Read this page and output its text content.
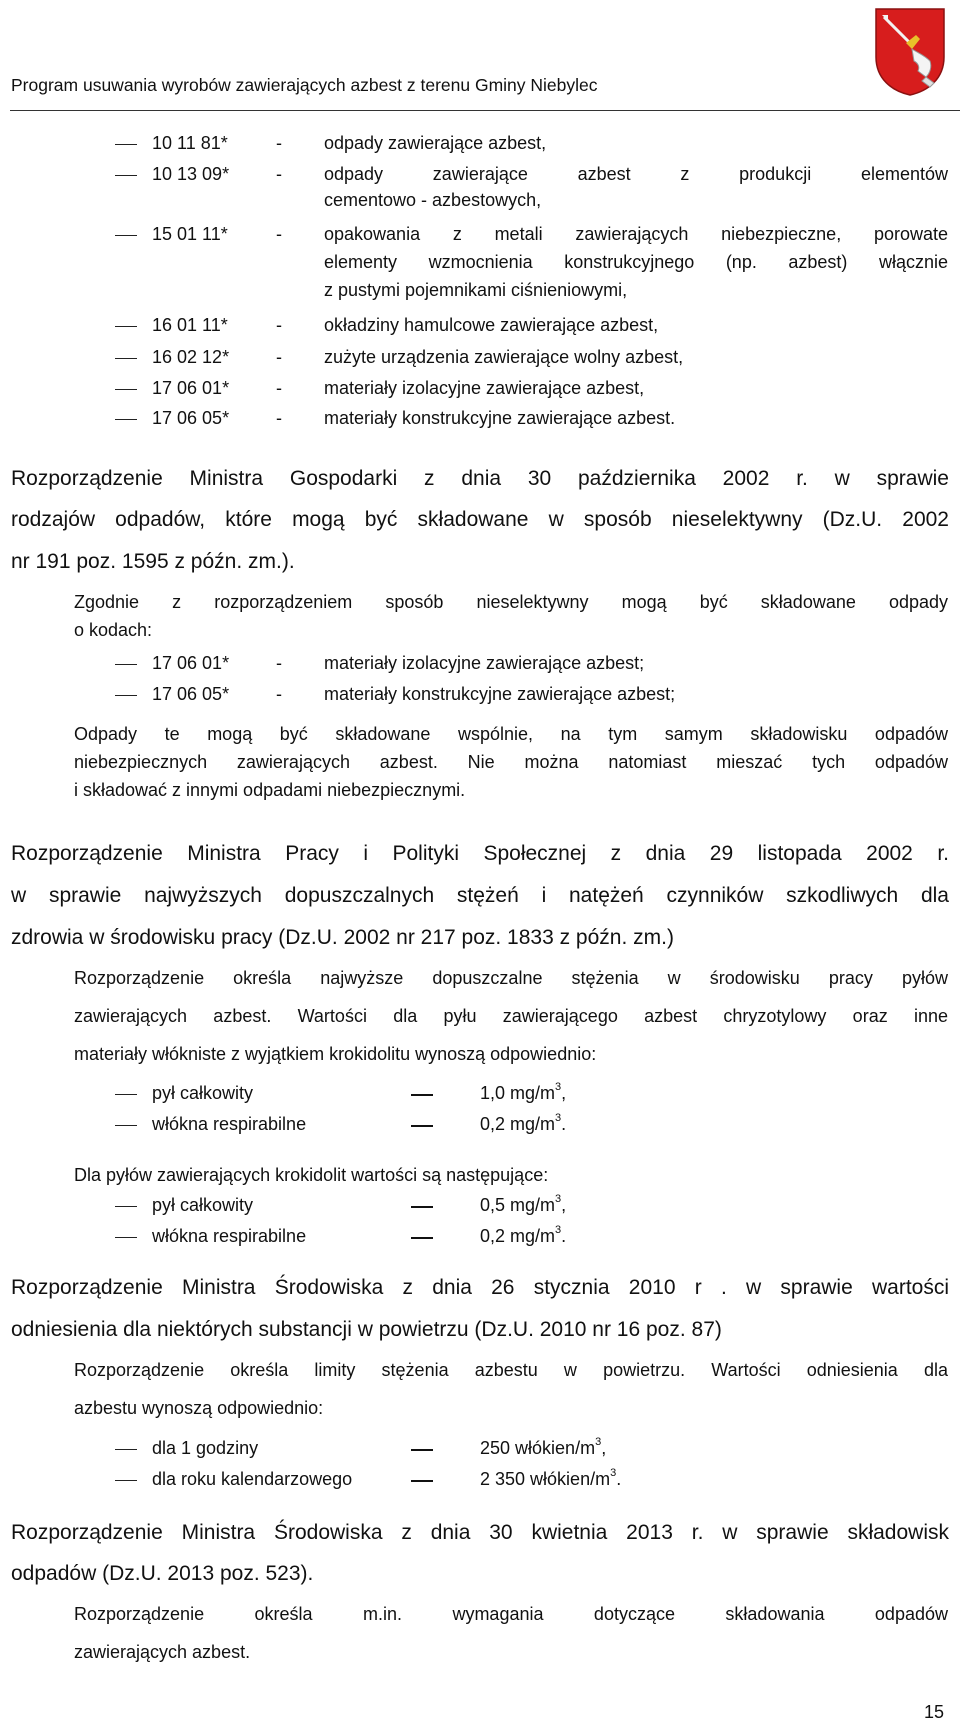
Program usuwania wyrobów zawierających azbest z terenu Gminy Niebylec
10 11 81*	- odpady zawierające azbest,
10 13 09*	- odpady zawierające azbest z produkcji elementów
cementowo - azbestowych,
15 01 11*	- opakowania z metali zawierających niebezpieczne, porowate
elementy wzmocnienia konstrukcyjnego (np. azbest) włącznie
z pustymi pojemnikami ciśnieniowymi,
16 01 11*	- okładziny hamulcowe zawierające azbest,
16 02 12*	- zużyte urządzenia zawierające wolny azbest,
17 06 01*	- materiały izolacyjne zawierające azbest,
17 06 05*	- materiały konstrukcyjne zawierające azbest.
Rozporządzenie Ministra Gospodarki z dnia 30 października 2002 r. w sprawie
rodzajów odpadów, które mogą być składowane w sposób nieselektywny (Dz.U. 2002
nr 191 poz. 1595 z późn. zm.).
Zgodnie z rozporządzeniem sposób nieselektywny mogą być składowane odpady
o kodach:
17 06 01*	- materiały izolacyjne zawierające azbest;
17 06 05*	- materiały konstrukcyjne zawierające azbest;
Odpady te mogą być składowane wspólnie, na tym samym składowisku odpadów
niebezpiecznych zawierających azbest. Nie można natomiast mieszać tych odpadów
i składować z innymi odpadami niebezpiecznymi.
Rozporządzenie Ministra Pracy i Polityki Społecznej z dnia 29 listopada 2002 r.
w sprawie najwyższych dopuszczalnych stężeń i natężeń czynników szkodliwych dla
zdrowia w środowisku pracy (Dz.U. 2002 nr 217 poz. 1833 z późn. zm.)
Rozporządzenie określa najwyższe dopuszczalne stężenia w środowisku pracy pyłów
zawierających azbest. Wartości dla pyłu zawierającego azbest chryzotylowy oraz inne
materiały włókniste z wyjątkiem krokidolitu wynoszą odpowiednio:
pył całkowity	1,0 $mg/m^3$,
włókna respirabilne	0,2 $mg/m^3$.
Dla pyłów zawierających krokidolit wartości są następujące:
pył całkowity	0,5 $mg/m^3$,
włókna respirabilne	0,2 $mg/m^3$.
Rozporządzenie Ministra Środowiska z dnia 26 stycznia 2010 r . w sprawie wartości
odniesienia dla niektórych substancji w powietrzu (Dz.U. 2010 nr 16 poz. 87)
Rozporządzenie określa limity stężenia azbestu w powietrzu. Wartości odniesienia dla
azbestu wynoszą odpowiednio:
dla 1 godziny	250 włókien/$m^3$,
dla roku kalendarzowego	2 350 włókien/$m^3$.
Rozporządzenie Ministra Środowiska z dnia 30 kwietnia 2013 r. w sprawie składowisk
odpadów (Dz.U. 2013 poz. 523).
Rozporządzenie określa m.in. wymagania dotyczące składowania odpadów
zawierających azbest.
15
